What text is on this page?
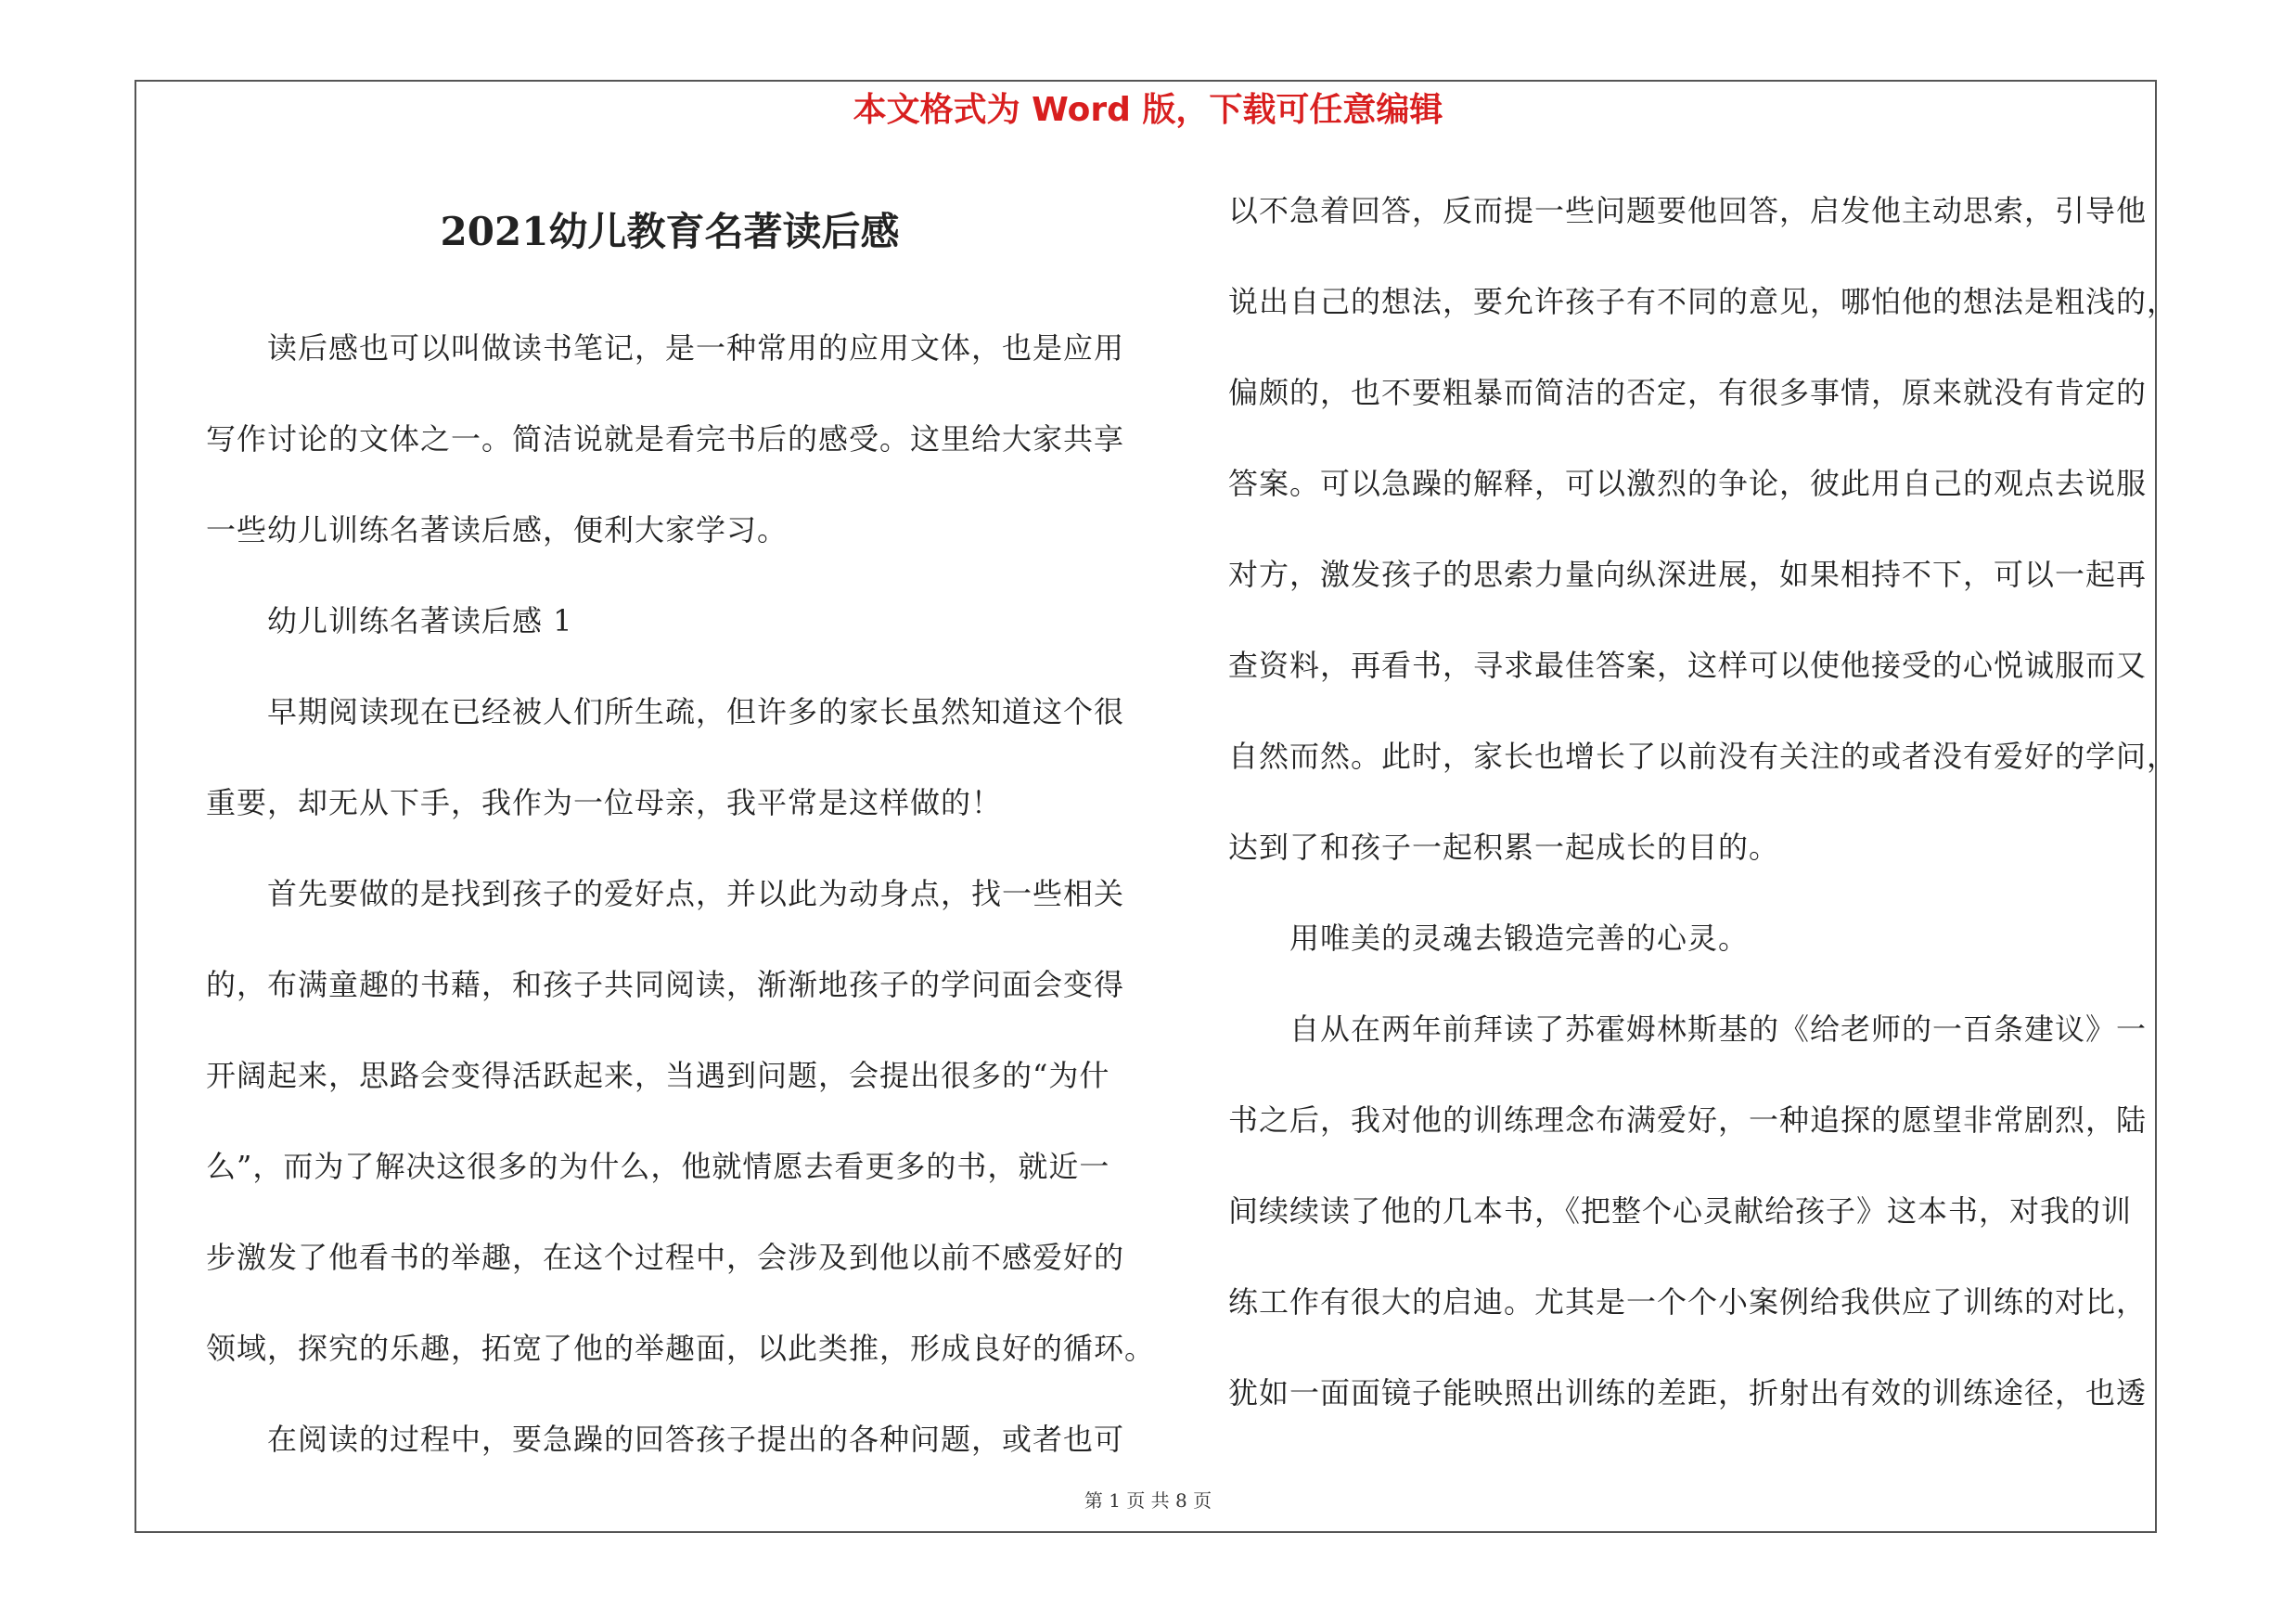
本文格式为 Word 版，下载可任意编辑
2021幼儿教育名著读后感
　　读后感也可以叫做读书笔记，是一种常用的应用文体，也是应用
写作讨论的文体之一。简洁说就是看完书后的感受。这里给大家共享
一些幼儿训练名著读后感，便利大家学习。
　　幼儿训练名著读后感 1
　　早期阅读现在已经被人们所生疏，但许多的家长虽然知道这个很
重要，却无从下手，我作为一位母亲，我平常是这样做的！
　　首先要做的是找到孩子的爱好点，并以此为动身点，找一些相关
的，布满童趣的书藉，和孩子共同阅读，渐渐地孩子的学问面会变得
开阔起来，思路会变得活跃起来，当遇到问题，会提出很多的“为什
么”，而为了解决这很多的为什么，他就情愿去看更多的书，就近一
步激发了他看书的举趣，在这个过程中，会涉及到他以前不感爱好的
领域，探究的乐趣，拓宽了他的举趣面，以此类推，形成良好的循环。
　　在阅读的过程中，要急躁的回答孩子提出的各种问题，或者也可
以不急着回答，反而提一些问题要他回答，启发他主动思索，引导他
说出自己的想法，要允许孩子有不同的意见，哪怕他的想法是粗浅的，
偏颇的，也不要粗暴而简洁的否定，有很多事情，原来就没有肯定的
答案。可以急躁的解释，可以激烈的争论，彼此用自己的观点去说服
对方，激发孩子的思索力量向纵深进展，如果相持不下，可以一起再
查资料，再看书，寻求最佳答案，这样可以使他接受的心悦诚服而又
自然而然。此时，家长也增长了以前没有关注的或者没有爱好的学问，
达到了和孩子一起积累一起成长的目的。
　　用唯美的灵魂去锻造完善的心灵。
　　自从在两年前拜读了苏霍姆林斯基的《给老师的一百条建议》一
书之后，我对他的训练理念布满爱好，一种追探的愿望非常剧烈，陆
间续续读了他的几本书，《把整个心灵献给孩子》这本书，对我的训
练工作有很大的启迪。尤其是一个个小案例给我供应了训练的对比，
犹如一面面镜子能映照出训练的差距，折射出有效的训练途径，也透
第 1 页 共 8 页
